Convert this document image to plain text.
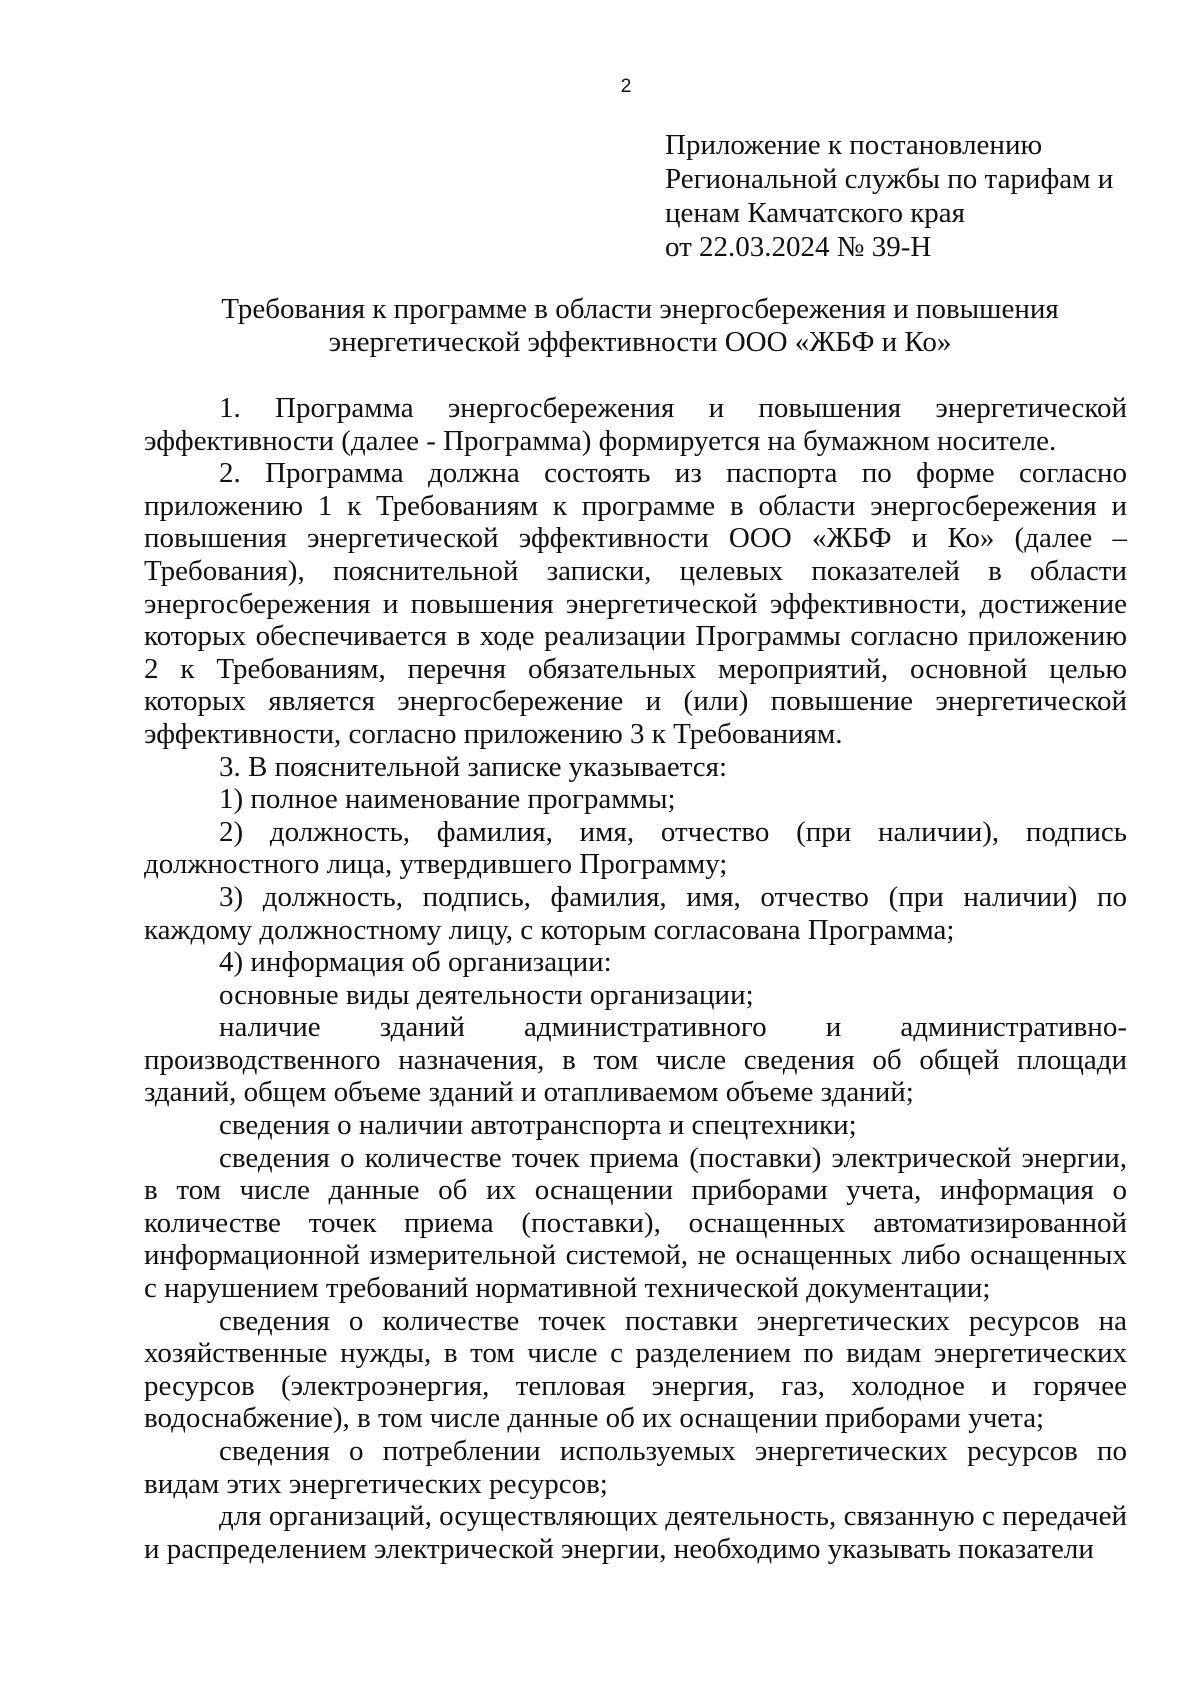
2
Приложение к постановлению
Региональной службы по тарифам и
ценам Камчатского края
от 22.03.2024 № 39-Н
Требования к программе в области энергосбережения и повышения
энергетической эффективности ООО «ЖБФ и Ко»

1. Программа энергосбережения и повышения энергетической эффективности (далее - Программа) формируется на бумажном носителе.

2. Программа должна состоять из паспорта по форме согласно приложению 1 к Требованиям к программе в области энергосбережения и повышения энергетической эффективности ООО «ЖБФ и Ко» (далее – Требования), пояснительной записки, целевых показателей в области энергосбережения и повышения энергетической эффективности, достижение которых обеспечивается в ходе реализации Программы согласно приложению 2 к Требованиям, перечня обязательных мероприятий, основной целью которых является энергосбережение и (или) повышение энергетической эффективности, согласно приложению 3 к Требованиям.

3. В пояснительной записке указывается:

1) полное наименование программы;

2) должность, фамилия, имя, отчество (при наличии), подпись должностного лица, утвердившего Программу;

3) должность, подпись, фамилия, имя, отчество (при наличии) по каждому должностному лицу, с которым согласована Программа;

4) информация об организации:

основные виды деятельности организации;

наличие зданий административного и административно-производственного назначения, в том числе сведения об общей площади зданий, общем объеме зданий и отапливаемом объеме зданий;

сведения о наличии автотранспорта и спецтехники;

сведения о количестве точек приема (поставки) электрической энергии, в том числе данные об их оснащении приборами учета, информация о количестве точек приема (поставки), оснащенных автоматизированной информационной измерительной системой, не оснащенных либо оснащенных с нарушением требований нормативной технической документации;

сведения о количестве точек поставки энергетических ресурсов на хозяйственные нужды, в том числе с разделением по видам энергетических ресурсов (электроэнергия, тепловая энергия, газ, холодное и горячее водоснабжение), в том числе данные об их оснащении приборами учета;

сведения о потреблении используемых энергетических ресурсов по видам этих энергетических ресурсов;

для организаций, осуществляющих деятельность, связанную с передачей и распределением электрической энергии, необходимо указывать показатели
